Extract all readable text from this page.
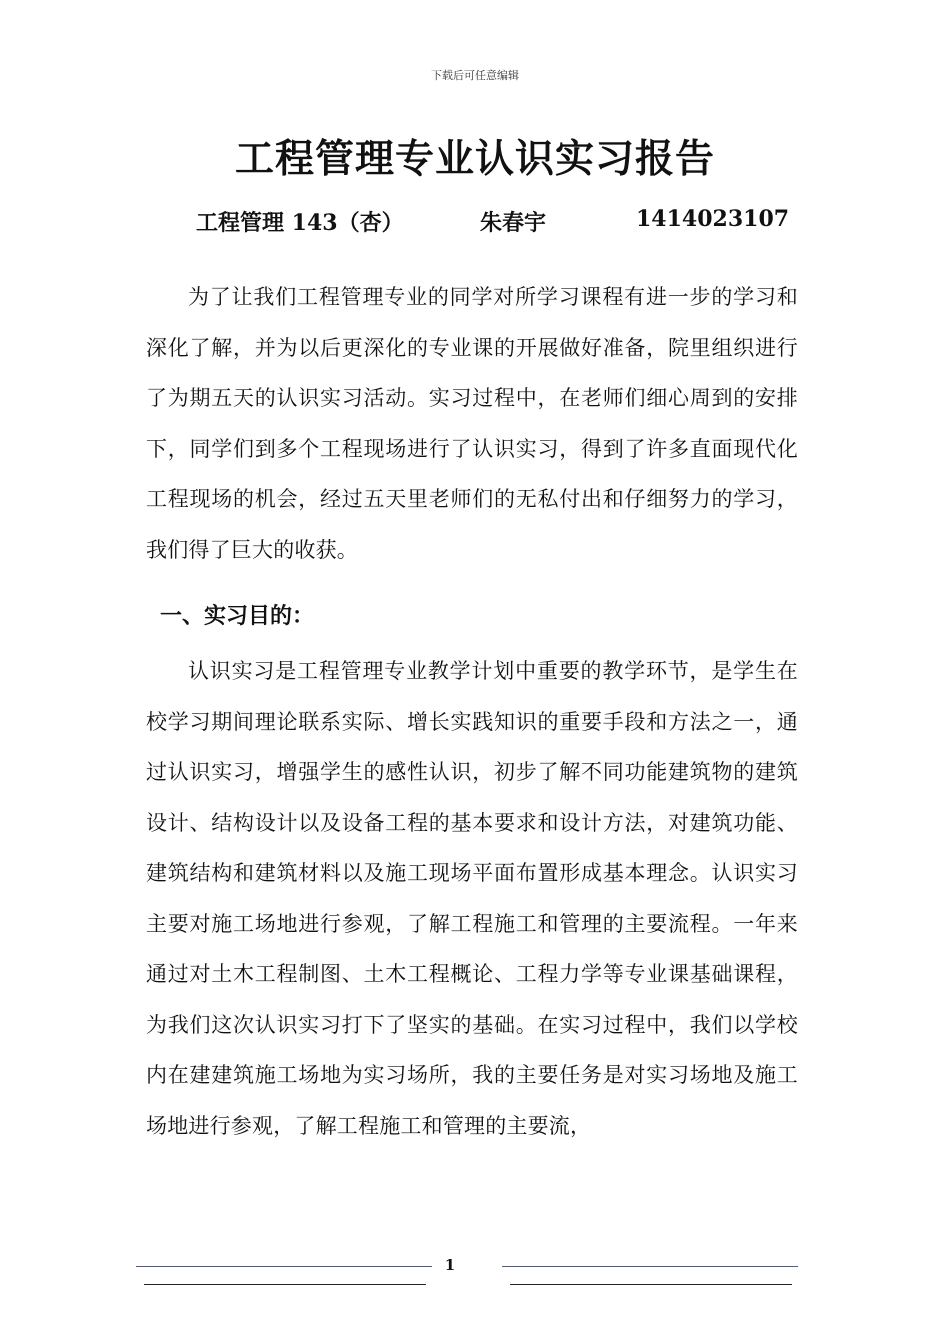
下载后可任意编辑
工程管理专业认识实习报告
工程管理 143（杏）	朱春宇	1414023107

为了让我们工程管理专业的同学对所学习课程有进一步的学习和深化了解，并为以后更深化的专业课的开展做好准备，院里组织进行了为期五天的认识实习活动。实习过程中，在老师们细心周到的安排下，同学们到多个工程现场进行了认识实习，得到了许多直面现代化工程现场的机会，经过五天里老师们的无私付出和仔细努力的学习，我们得了巨大的收获。

一、实习目的：

认识实习是工程管理专业教学计划中重要的教学环节，是学生在校学习期间理论联系实际、增长实践知识的重要手段和方法之一，通过认识实习，增强学生的感性认识，初步了解不同功能建筑物的建筑设计、结构设计以及设备工程的基本要求和设计方法，对建筑功能、建筑结构和建筑材料以及施工现场平面布置形成基本理念。认识实习主要对施工场地进行参观，了解工程施工和管理的主要流程。一年来通过对土木工程制图、土木工程概论、工程力学等专业课基础课程，为我们这次认识实习打下了坚实的基础。在实习过程中，我们以学校内在建建筑施工场地为实习场所，我的主要任务是对实习场地及施工场地进行参观，了解工程施工和管理的主要流，

1
